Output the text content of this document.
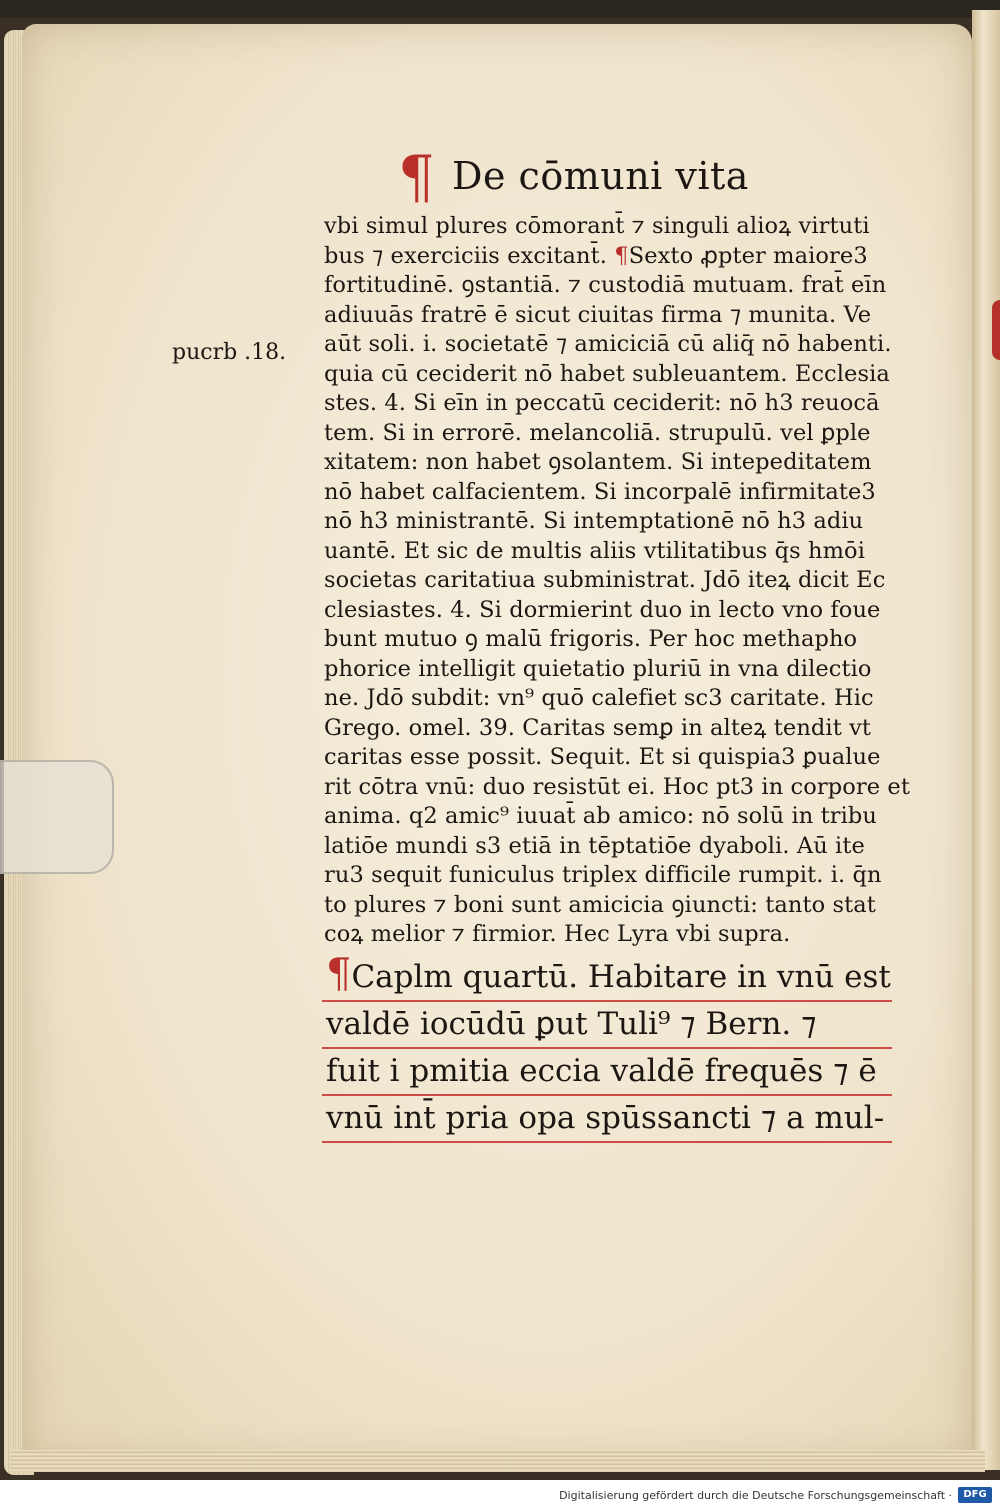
¶ De cōmuni vita
pucrb .18.
vbi simul plures cōmorant̄ ⁊ singuli alioꝝ virtuti
bus ⁊ exerciciis excitant̄. ¶Sexto ꝓpter maiore3
fortitudinē. ꝯstantiā. ⁊ custodiā mutuam. frat̄ eīn
adiuuās fratrē ē sicut ciuitas firma ⁊ munita. Ve
aūt soli. i. societatē ⁊ amiciciā cū aliq̄ nō habenti.
quia cū ceciderit nō habet subleuantem. Ecclesia
stes. 4. Si eīn in peccatū ceciderit: nō h3 reuocā
tem. Si in errorē. melancoliā. strupulū. vel ꝑple
xitatem: non habet ꝯsolantem. Si intepeditatem
nō habet calfacientem. Si incorpalē infirmitate3
nō h3 ministrantē. Si intemptationē nō h3 adiu
uantē. Et sic de multis aliis vtilitatibus q̄s hmōi
societas caritatiua subministrat. Jdō iteꝝ dicit Ec
clesiastes. 4. Si dormierint duo in lecto vno foue
bunt mutuo ꝯ malū frigoris. Per hoc methapho
phorice intelligit quietatio pluriū in vna dilectio
ne. Jdō subdit: vn⁹ quō calefiet sc3 caritate. Hic
Grego. omel. 39. Caritas semꝑ in alteꝝ tendit vt
caritas esse possit. Sequit. Et si quispia3 ꝑualue
rit cōtra vnū: duo resistūt ei. Hoc pt3 in corpore et
anima. q2 amic⁹ iuuat̄ ab amico: nō solū in tribu
latiōe mundi s3 etiā in tēptatiōe dyaboli. Aū ite
ru3 sequit funiculus triplex difficile rumpit. i. q̄n
to plures ⁊ boni sunt amicicia ꝯiuncti: tanto stat
coꝝ melior ⁊ firmior. Hec Lyra vbi supra.
¶Caplm quartū. Habitare in vnū est
valdē iocūdū ꝑut Tuli⁹ ⁊ Bern. ⁊
fuit i pmitia eccia valdē frequēs ⁊ ē
vnū int̄ pria opa spūssancti ⁊ a mul-
Digitalisierung gefördert durch die Deutsche Forschungsgemeinschaft ·	DFG
